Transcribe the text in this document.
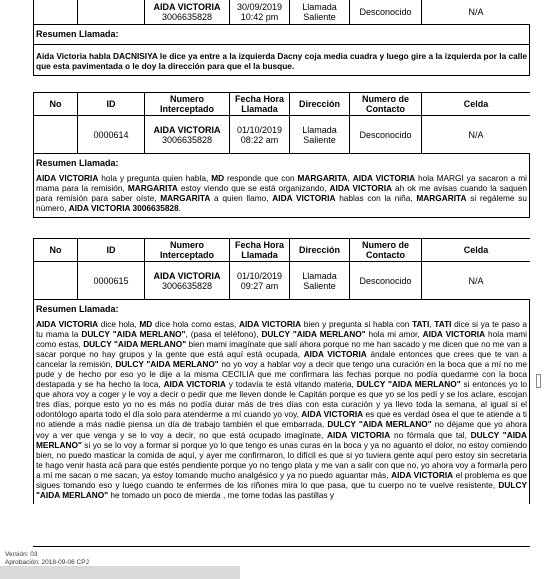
		AIDA VICTORIA
3006635828	30/09/2019
10:42 pm	Llamada
Saliente	Desconocido	N/A
Resumen Llamada:
Aida Victoria habla DACNISIYA le dice ya entre a la izquierda Dacny coja media cuadra y luego gire a la izquierda por la calle que esta pavimentada o le doy la dirección para que el la busque.
No	ID	Numero Interceptado	Fecha Hora Llamada	Dirección	Numero de Contacto	Celda
	0000614	AIDA VICTORIA
3006635828	01/10/2019
08:22 am	Llamada
Saliente	Desconocido	N/A
Resumen Llamada:
AIDA VICTORIA hola y pregunta quien habla, MD responde que con MARGARITA, AIDA VICTORIA hola MARGI ya sacaron a mi mama para la remisión, MARGARITA estoy viendo que se está organizando, AIDA VICTORIA ah ok me avisas cuando la saquen para remisión para saber oíste, MARGARITA a quien llamo, AIDA VICTORIA hablas con la niña, MARGARITA si regáleme su número, AIDA VICTORIA 3006635828.
No	ID	Numero Interceptado	Fecha Hora Llamada	Dirección	Numero de Contacto	Celda
	0000615	AIDA VICTORIA
3006635828	01/10/2019
09:27 am	Llamada
Saliente	Desconocido	N/A
Resumen Llamada:
AIDA VICTORIA dice hola, MD dice hola como estas, AIDA VICTORIA bien y pregunta si habla con TATI, TATI dice si ya te paso a tu mama la DULCY "AIDA MERLANO", (pasa el teléfono), DULCY "AIDA MERLANO" hola mi amor, AIDA VICTORIA hola mami como estas, DULCY "AIDA MERLANO" bien mami imagínate que salí ahora porque no me han sacado y me dicen que no me van a sacar porque no hay grupos y la gente que está aquí está ocupada, AIDA VICTORIA ándale entonces que crees que te van a cancelar la remisión, DULCY "AIDA MERLANO" no yo voy a hablar voy a decir que tengo una curación en la boca que a mí no me pude y de hecho por eso yo le dije a la misma CECILIA que me confirmara las fechas porque no podía quedarme con la boca destapada y se ha hecho la loca, AIDA VICTORIA y todavía te está vitando materia, DULCY "AIDA MERLANO" si entonces yo lo que ahora voy a coger y le voy a decir o pedir que me lleven donde le Capitán porque es que yo se los pedí y se los aclare, escojan tres días, porque esto yo no es más no podía durar más de tres días con esta curación y ya llevo toda la semana, al igual si el odontólogo aparta todo el día solo para atenderme a mí cuando yo voy, AIDA VICTORIA es que es verdad ósea el que te atiende a ti no atiende a más nadie piensa un día de trabajo también el que embarrada, DULCY "AIDA MERLANO" no déjame que yo ahora voy a ver que venga y se lo voy a decir, no que está ocupado imagínate, AIDA VICTORIA no fórmala que tal, DULCY "AIDA MERLANO" si yo se lo voy a formar si porque yo lo que tengo es unas curas en la boca y ya no aguanto el dolor, no estoy comiendo bien, no puedo masticar la comida de aquí, y ayer me confirmaron, lo difícil es que si yo tuviera gente aquí pero estoy sin secretaria te hago venir hasta acá para que estés pendiente porque yo no tengo plata y me van a salir con que no, yo ahora voy a formarla pero a mí me sacan o me sacan, ya estoy tomando mucho analgésico y ya no puedo aguantar más, AIDA VICTORIA el problema es que sigues tomando eso y luego cuando te enfermes de los riñones mira lo que pasa, que tu cuerpo no te vuelve resistente, DULCY "AIDA MERLANO" he tomado un poco de mierda , me tome todas las pastillas y
Versión: 03
Aprobación: 2018-09-06 CPJ
